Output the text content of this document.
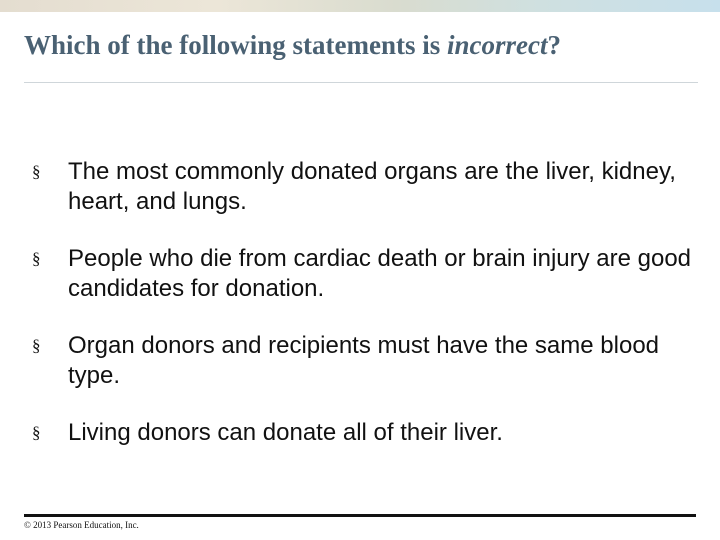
Which of the following statements is incorrect?
§ The most commonly donated organs are the liver, kidney, heart, and lungs.
§ People who die from cardiac death or brain injury are good candidates for donation.
§ Organ donors and recipients must have the same blood type.
§ Living donors can donate all of their liver.
© 2013 Pearson Education, Inc.
